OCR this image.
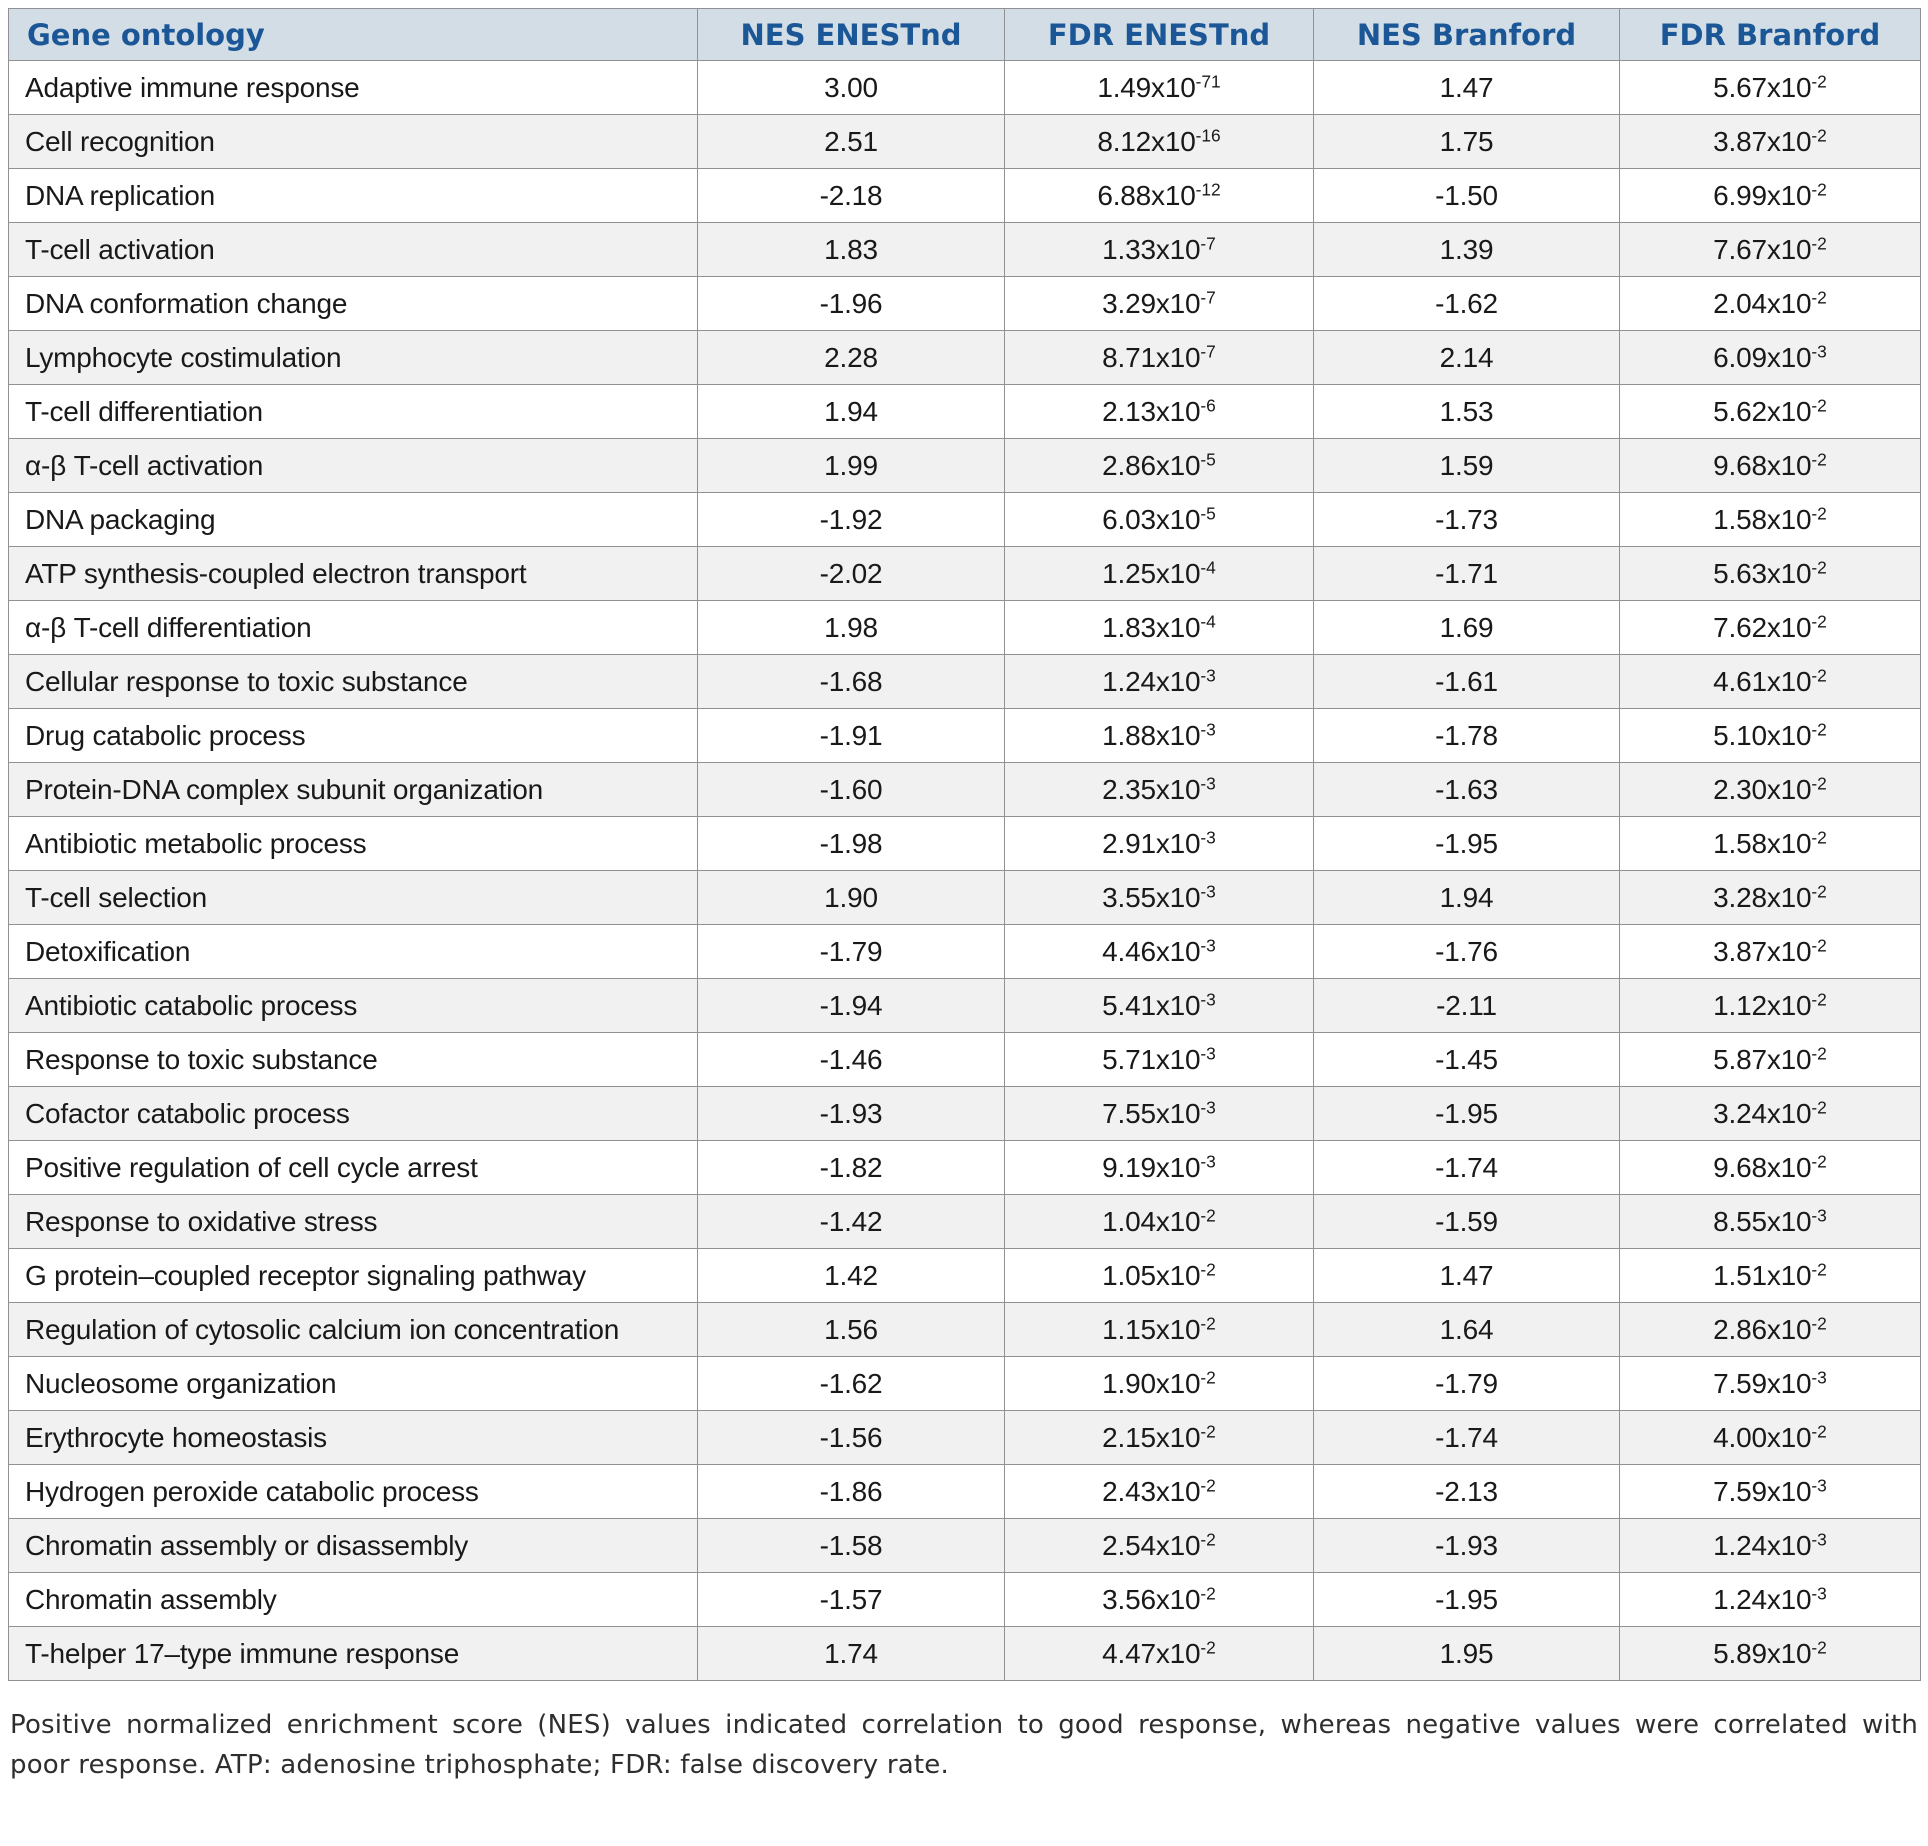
Gene ontology	NES ENESTnd	FDR ENESTnd	NES Branford	FDR Branford
Adaptive immune response	3.00	$1.49x10^{-71}$	1.47	$5.67x10^{-2}$
Cell recognition	2.51	$8.12x10^{-16}$	1.75	$3.87x10^{-2}$
DNA replication	-2.18	$6.88x10^{-12}$	-1.50	$6.99x10^{-2}$
T-cell activation	1.83	$1.33x10^{-7}$	1.39	$7.67x10^{-2}$
DNA conformation change	-1.96	$3.29x10^{-7}$	-1.62	$2.04x10^{-2}$
Lymphocyte costimulation	2.28	$8.71x10^{-7}$	2.14	$6.09x10^{-3}$
T-cell differentiation	1.94	$2.13x10^{-6}$	1.53	$5.62x10^{-2}$
α-β T-cell activation	1.99	$2.86x10^{-5}$	1.59	$9.68x10^{-2}$
DNA packaging	-1.92	$6.03x10^{-5}$	-1.73	$1.58x10^{-2}$
ATP synthesis-coupled electron transport	-2.02	$1.25x10^{-4}$	-1.71	$5.63x10^{-2}$
α-β T-cell differentiation	1.98	$1.83x10^{-4}$	1.69	$7.62x10^{-2}$
Cellular response to toxic substance	-1.68	$1.24x10^{-3}$	-1.61	$4.61x10^{-2}$
Drug catabolic process	-1.91	$1.88x10^{-3}$	-1.78	$5.10x10^{-2}$
Protein-DNA complex subunit organization	-1.60	$2.35x10^{-3}$	-1.63	$2.30x10^{-2}$
Antibiotic metabolic process	-1.98	$2.91x10^{-3}$	-1.95	$1.58x10^{-2}$
T-cell selection	1.90	$3.55x10^{-3}$	1.94	$3.28x10^{-2}$
Detoxification	-1.79	$4.46x10^{-3}$	-1.76	$3.87x10^{-2}$
Antibiotic catabolic process	-1.94	$5.41x10^{-3}$	-2.11	$1.12x10^{-2}$
Response to toxic substance	-1.46	$5.71x10^{-3}$	-1.45	$5.87x10^{-2}$
Cofactor catabolic process	-1.93	$7.55x10^{-3}$	-1.95	$3.24x10^{-2}$
Positive regulation of cell cycle arrest	-1.82	$9.19x10^{-3}$	-1.74	$9.68x10^{-2}$
Response to oxidative stress	-1.42	$1.04x10^{-2}$	-1.59	$8.55x10^{-3}$
G protein–coupled receptor signaling pathway	1.42	$1.05x10^{-2}$	1.47	$1.51x10^{-2}$
Regulation of cytosolic calcium ion concentration	1.56	$1.15x10^{-2}$	1.64	$2.86x10^{-2}$
Nucleosome organization	-1.62	$1.90x10^{-2}$	-1.79	$7.59x10^{-3}$
Erythrocyte homeostasis	-1.56	$2.15x10^{-2}$	-1.74	$4.00x10^{-2}$
Hydrogen peroxide catabolic process	-1.86	$2.43x10^{-2}$	-2.13	$7.59x10^{-3}$
Chromatin assembly or disassembly	-1.58	$2.54x10^{-2}$	-1.93	$1.24x10^{-3}$
Chromatin assembly	-1.57	$3.56x10^{-2}$	-1.95	$1.24x10^{-3}$
T-helper 17–type immune response	1.74	$4.47x10^{-2}$	1.95	$5.89x10^{-2}$

Positive normalized enrichment score (NES) values indicated correlation to good response, whereas negative values were correlated with
poor response. ATP: adenosine triphosphate; FDR: false discovery rate.
